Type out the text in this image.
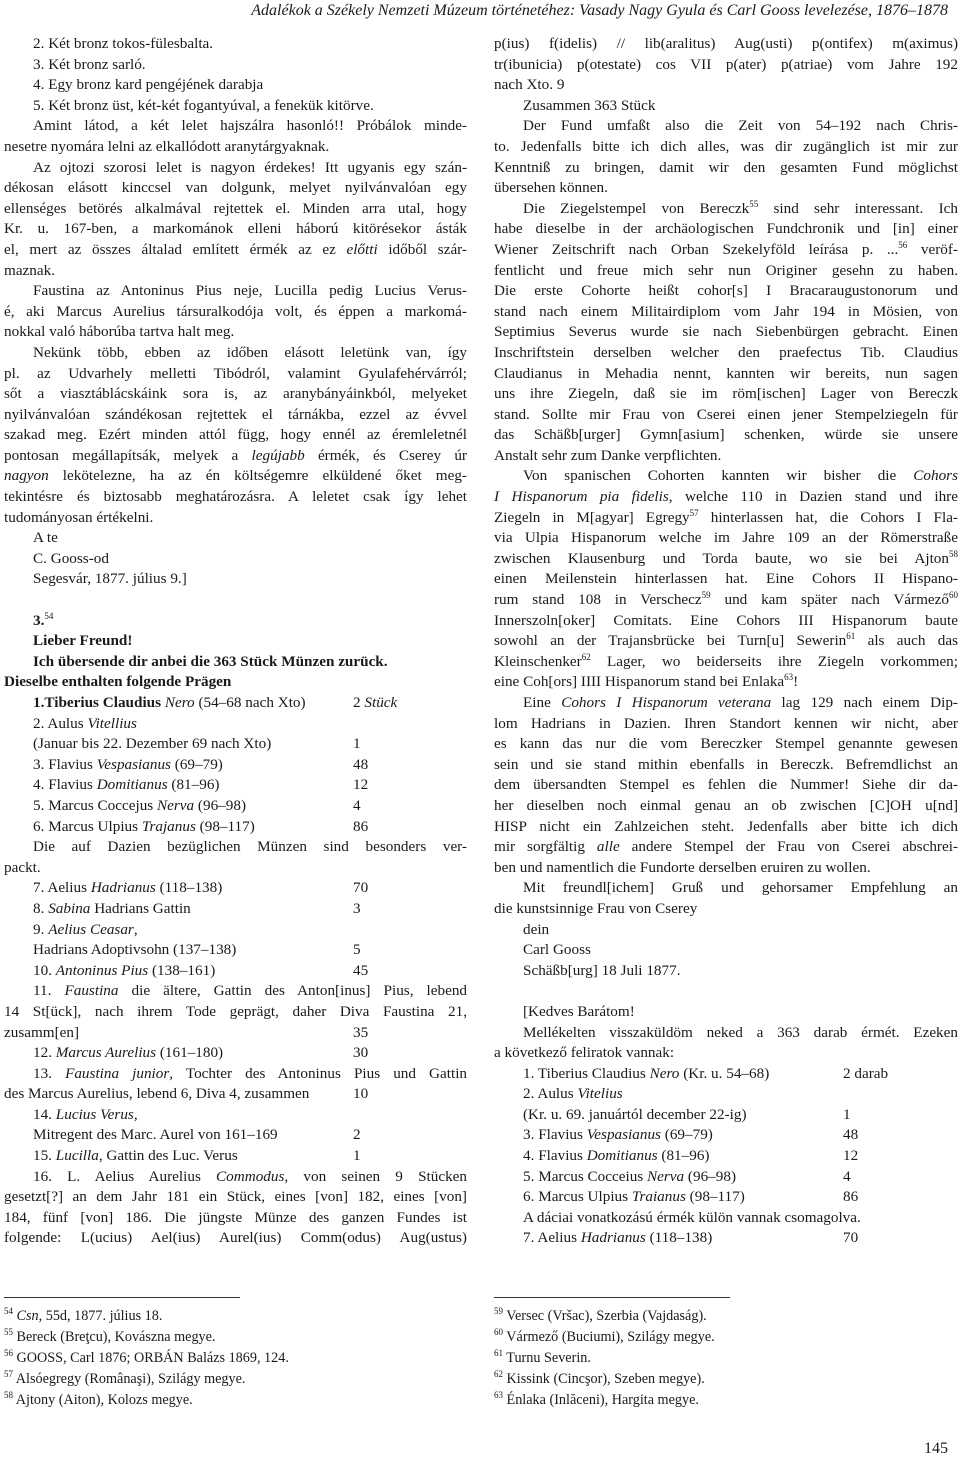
Adalékok a Székely Nemzeti Múzeum történetéhez: Vasady Nagy Gyula és Carl Gooss levelezése, 1876–1878
2. Két bronz tokos-fülesbalta.
3. Két bronz sarló.
4. Egy bronz kard pengéjének darabja
5. Két bronz üst, két-két fogantyúval, a fenekük kitörve.
Amint látod, a két lelet hajszálra hasonló!! Próbálok minde-
nesetre nyomára lelni az elkallódott aranytárgyaknak.
Az ojtozi szorosi lelet is nagyon érdekes! Itt ugyanis egy szán-
dékosan elásott kinccsel van dolgunk, melyet nyilvánvalóan egy
ellenséges betörés alkalmával rejtettek el. Minden arra utal, hogy
Kr. u. 167-ben, a markománok elleni háború kitörésekor ásták
el, mert az összes általad említett érmék az ez előtti időből szár-
maznak.
Faustina az Antoninus Pius neje, Lucilla pedig Lucius Verus-
é, aki Marcus Aurelius társuralkodója volt, és éppen a markomá-
nokkal való háborúba tartva halt meg.
Nekünk több, ebben az időben elásott leletünk van, így
pl. az Udvarhely melletti Tibódról, valamint Gyulafehérvárról;
sőt a viasztáblácskáink sora is, az aranybányáinkból, melyeket
nyilvánvalóan szándékosan rejtettek el tárnákba, ezzel az évvel
szakad meg. Ezért minden attól függ, hogy ennél az éremleletnél
pontosan megállapítsák, melyek a legújabb érmék, és Cserey úr
nagyon lekötelezne, ha az én költségemre elküldené őket meg-
tekintésre és biztosabb meghatározásra. A leletet csak így lehet
tudományosan értékelni.
A te
C. Gooss-od
Segesvár, 1877. július 9.]

3.54
Lieber Freund!
Ich übersende dir anbei die 363 Stück Münzen zurück.
Dieselbe enthalten folgende Prägen
1.Tiberius Claudius Nero (54–68 nach Xto)	2 Stück
2. Aulus Vitellius
(Januar bis 22. Dezember 69 nach Xto)	1
3. Flavius Vespasianus (69–79)	48
4. Flavius Domitianus (81–96)	12
5. Marcus Coccejus Nerva (96–98)	4
6. Marcus Ulpius Trajanus (98–117)	86
Die auf Dazien bezüglichen Münzen sind besonders ver-
packt.
7. Aelius Hadrianus (118–138)	70
8. Sabina Hadrians Gattin	3
9. Aelius Ceasar,
Hadrians Adoptivsohn (137–138)	5
10. Antoninus Pius (138–161)	45
11. Faustina die ältere, Gattin des Anton[inus] Pius, lebend
14 St[ück], nach ihrem Tode geprägt, daher Diva Faustina 21,
zusamm[en]	35
12. Marcus Aurelius (161–180)	30
13. Faustina junior, Tochter des Antoninus Pius und Gattin
des Marcus Aurelius, lebend 6, Diva 4, zusammen	10
14. Lucius Verus,
Mitregent des Marc. Aurel von 161–169	2
15. Lucilla, Gattin des Luc. Verus	1
16. L. Aelius Aurelius Commodus, von seinen 9 Stücken
gesetzt[?] an dem Jahr 181 ein Stück, eines [von] 182, eines [von]
184, fünf [von] 186. Die jüngste Münze des ganzen Fundes ist
folgende: L(ucius) Ael(ius) Aurel(ius) Comm(odus) Aug(ustus)
p(ius) f(idelis) // lib(aralitus) Aug(usti) p(ontifex) m(aximus)
tr(ibunicia) p(otestate) cos VII p(ater) p(atriae) vom Jahre 192
nach Xto. 9
Zusammen 363 Stück
Der Fund umfaßt also die Zeit von 54–192 nach Chris-
to. Jedenfalls bitte ich dich alles, was dir zugänglich ist mir zur
Kenntniß zu bringen, damit wir den gesamten Fund möglichst
übersehen können.
Die Ziegelstempel von Bereczk$^{55}$ sind sehr interessant. Ich
habe dieselbe in der archäologischen Fundchronik und [in] einer
Wiener Zeitschrift nach Orban Szekelyföld leírása p. ...$^{56}$ veröf-
fentlicht und freue mich sehr nun Originer gesehn zu haben.
Die erste Cohorte heißt cohor[s] I Bracaraugustonorum und
stand nach einem Militairdiplom vom Jahr 194 in Mösien, von
Septimius Severus wurde sie nach Siebenbürgen gebracht. Einen
Inschriftstein derselben welcher den praefectus Tib. Claudius
Claudianus in Mehadia nennt, kannten wir bereits, nun sagen
uns ihre Ziegeln, daß sie im röm[ischen] Lager von Bereczk
stand. Sollte mir Frau von Cserei einen jener Stempelziegeln für
das Schäßb[urger] Gymn[asium] schenken, würde sie unsere
Anstalt sehr zum Danke verpflichten.
Von spanischen Cohorten kannten wir bisher die Cohors
I Hispanorum pia fidelis, welche 110 in Dazien stand und ihre
Ziegeln in M[agyar] Egregy$^{57}$ hinterlassen hat, die Cohors I Fla-
via Ulpia Hispanorum welche im Jahre 109 an der Römerstraße
zwischen Klausenburg und Torda baute, wo sie bei Ajton$^{58}$
einen Meilenstein hinterlassen hat. Eine Cohors II Hispano-
rum stand 108 in Verschecz$^{59}$ und kam später nach Vármező$^{60}$
Innerszoln[oker] Comitats. Eine Cohors III Hispanorum baute
sowohl an der Trajansbrücke bei Turn[u] Sewerin$^{61}$ als auch das
Kleinschenker$^{62}$ Lager, wo beiderseits ihre Ziegeln vorkommen;
eine Coh[ors] IIII Hispanorum stand bei Enlaka$^{63}$!
Eine Cohors I Hispanorum veterana lag 129 nach einem Dip-
lom Hadrians in Dazien. Ihren Standort kennen wir nicht, aber
es kann das nur die vom Bereczker Stempel genannte gewesen
sein und sie stand mithin ebenfalls in Bereczk. Befremdlichst an
dem übersandten Stempel es fehlen die Nummer! Siehe dir da-
her dieselben noch einmal genau an ob zwischen [C]OH u[nd]
HISP nicht ein Zahlzeichen steht. Jedenfalls aber bitte ich dich
mir sorgfältig alle andere Stempel der Frau von Cserei abschrei-
ben und namentlich die Fundorte derselben eruiren zu wollen.
Mit freundl[ichem] Gruß und gehorsamer Empfehlung an
die kunstsinnige Frau von Cserey
dein
Carl Gooss
Schäßb[urg] 18 Juli 1877.

[Kedves Barátom!
Mellékelten visszaküldöm neked a 363 darab érmét. Ezeken
a következő feliratok vannak:
1. Tiberius Claudius Nero (Kr. u. 54–68)	2 darab
2. Aulus Vitelius
(Kr. u. 69. januártól december 22-ig)	1
3. Flavius Vespasianus (69–79)	48
4. Flavius Domitianus (81–96)	12
5. Marcus Cocceius Nerva (96–98)	4
6. Marcus Ulpius Traianus (98–117)	86
A dáciai vonatkozású érmék külön vannak csomagolva.
7. Aelius Hadrianus (118–138)	70
$^{54}$ Csn, 55d, 1877. július 18.
$^{55}$ Bereck (Breţcu), Kovászna megye.
$^{56}$ GOOSS, Carl 1876; ORBÁN Balázs 1869, 124.
$^{57}$ Alsóegregy (Românaşi), Szilágy megye.
$^{58}$ Ajtony (Aiton), Kolozs megye.
$^{59}$ Versec (Vršac), Szerbia (Vajdaság).
$^{60}$ Vármező (Buciumi), Szilágy megye.
$^{61}$ Turnu Severin.
$^{62}$ Kissink (Cincşor), Szeben megye).
$^{63}$ Énlaka (Inlăceni), Hargita megye.
145
